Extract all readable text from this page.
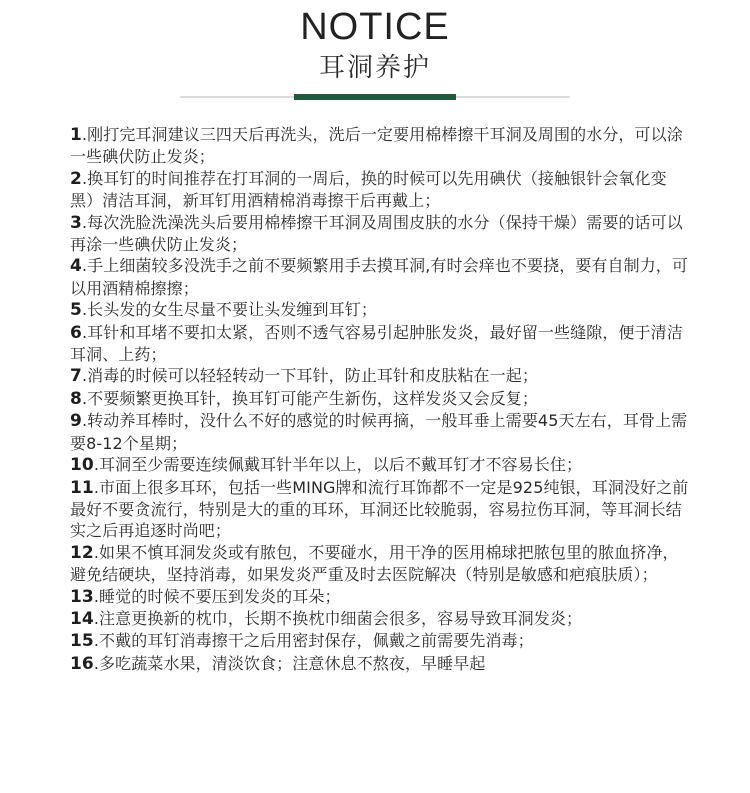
NOTICE
耳洞养护
1.刚打完耳洞建议三四天后再洗头，洗后一定要用棉棒擦干耳洞及周围的水分，可以涂一些碘伏防止发炎；
2.换耳钉的时间推荐在打耳洞的一周后，换的时候可以先用碘伏（接触银针会氧化变黑）清洁耳洞，新耳钉用酒精棉消毒擦干后再戴上；
3.每次洗脸洗澡洗头后要用棉棒擦干耳洞及周围皮肤的水分（保持干燥）需要的话可以再涂一些碘伏防止发炎；
4.手上细菌较多没洗手之前不要频繁用手去摸耳洞,有时会痒也不要挠，要有自制力，可以用酒精棉擦擦；
5.长头发的女生尽量不要让头发缠到耳钉；
6.耳针和耳堵不要扣太紧，否则不透气容易引起肿胀发炎，最好留一些缝隙，便于清洁耳洞、上药；
7.消毒的时候可以轻轻转动一下耳针，防止耳针和皮肤粘在一起；
8.不要频繁更换耳针，换耳钉可能产生新伤，这样发炎又会反复；
9.转动养耳棒时，没什么不好的感觉的时候再摘，一般耳垂上需要45天左右，耳骨上需要8-12个星期；
10.耳洞至少需要连续佩戴耳针半年以上，以后不戴耳钉才不容易长住；
11.市面上很多耳环，包括一些MING牌和流行耳饰都不一定是925纯银，耳洞没好之前最好不要贪流行，特别是大的重的耳环，耳洞还比较脆弱，容易拉伤耳洞，等耳洞长结实之后再追逐时尚吧；
12.如果不慎耳洞发炎或有脓包，不要碰水，用干净的医用棉球把脓包里的脓血挤净，避免结硬块，坚持消毒，如果发炎严重及时去医院解决（特别是敏感和疤痕肤质）；
13.睡觉的时候不要压到发炎的耳朵；
14.注意更换新的枕巾，长期不换枕巾细菌会很多，容易导致耳洞发炎；
15.不戴的耳钉消毒擦干之后用密封保存，佩戴之前需要先消毒；
16.多吃蔬菜水果，清淡饮食；注意休息不熬夜，早睡早起
